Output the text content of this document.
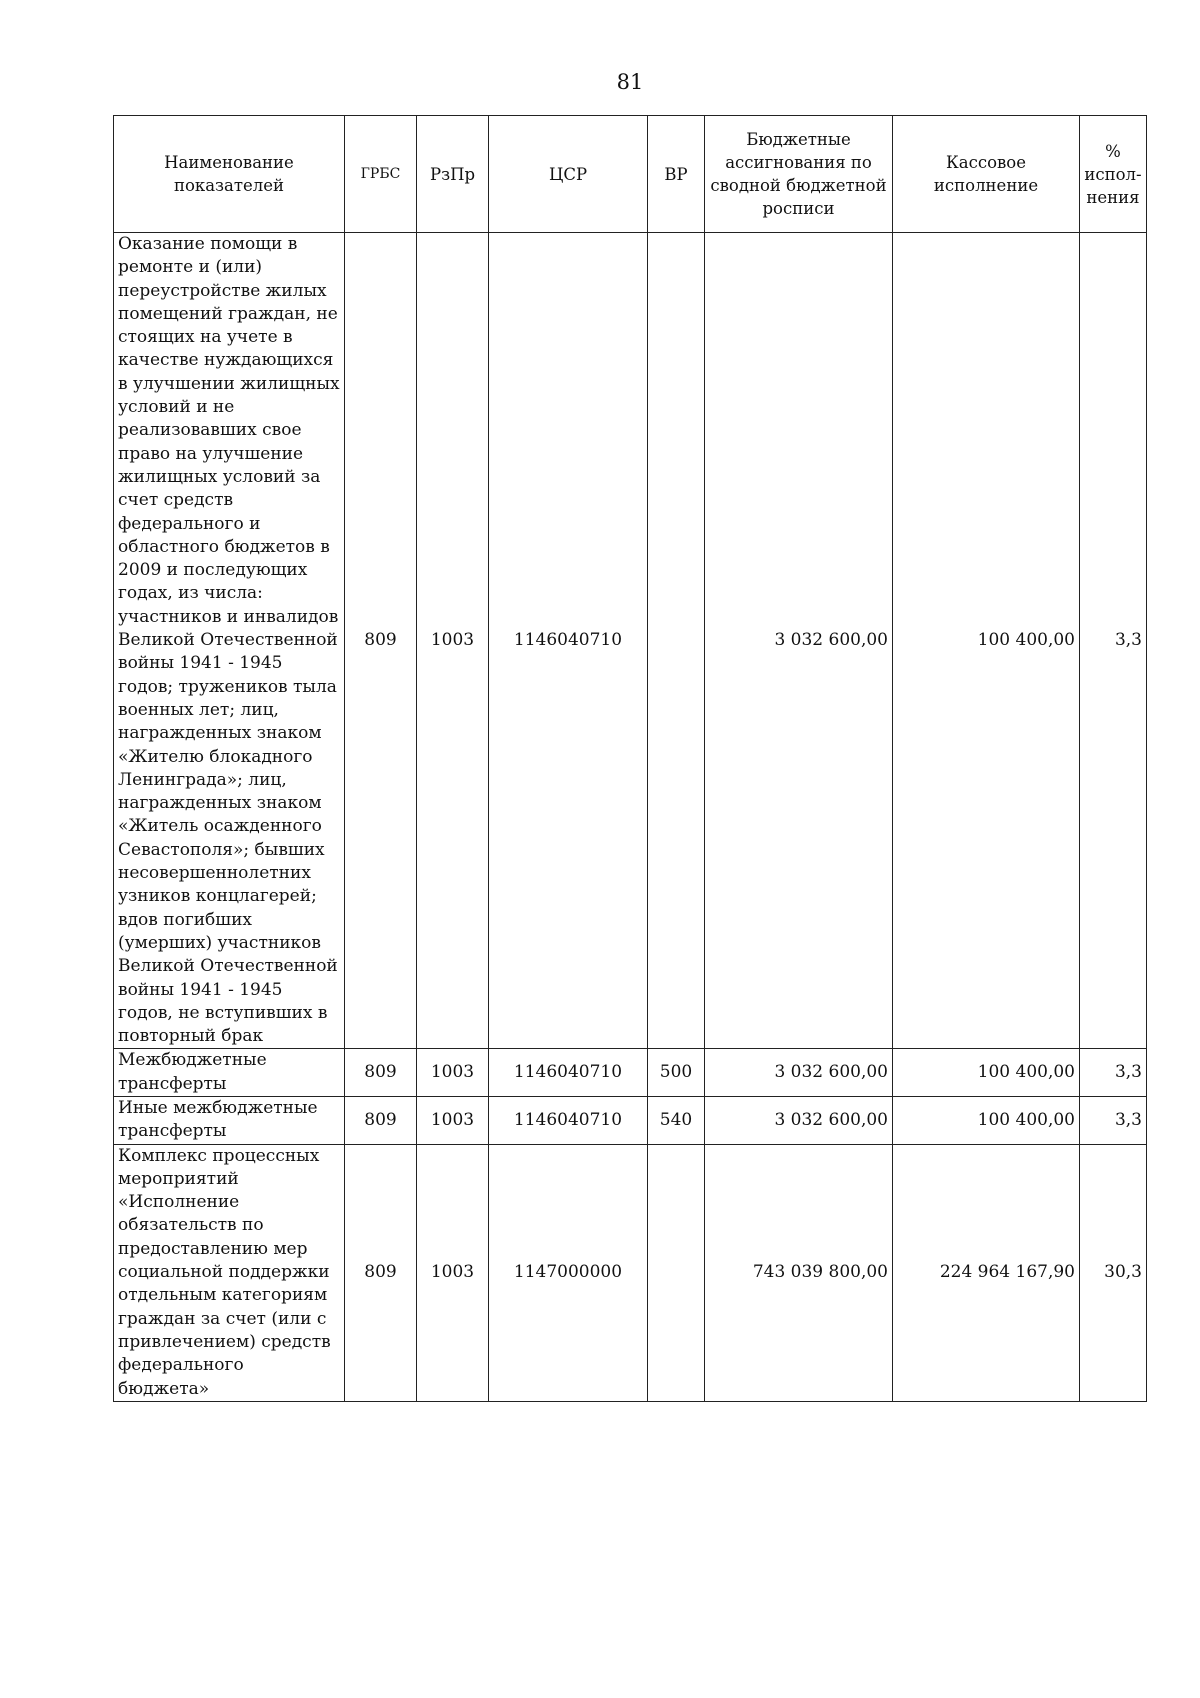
81
Наименование показателей	ГРБС	РзПр	ЦСР	ВР	Бюджетные ассигнования по сводной бюджетной росписи	Кассовое исполнение	% испол-нения
Оказание помощи в ремонте и (или) переустройстве жилых помещений граждан, не стоящих на учете в качестве нуждающихся в улучшении жилищных условий и не реализовавших свое право на улучшение жилищных условий за счет средств федерального и областного бюджетов в 2009 и последующих годах, из числа: участников и инвалидов Великой Отечественной войны 1941 - 1945 годов; тружеников тыла военных лет; лиц, награжденных знаком «Жителю блокадного Ленинграда»; лиц, награжденных знаком «Житель осажденного Севастополя»; бывших несовершеннолетних узников концлагерей; вдов погибших (умерших) участников Великой Отечественной войны 1941 - 1945 годов, не вступивших в повторный брак	809	1003	1146040710		3 032 600,00	100 400,00	3,3
Межбюджетные трансферты	809	1003	1146040710	500	3 032 600,00	100 400,00	3,3
Иные межбюджетные трансферты	809	1003	1146040710	540	3 032 600,00	100 400,00	3,3
Комплекс процессных мероприятий «Исполнение обязательств по предоставлению мер социальной поддержки отдельным категориям граждан за счет (или с привлечением) средств федерального бюджета»	809	1003	1147000000		743 039 800,00	224 964 167,90	30,3
